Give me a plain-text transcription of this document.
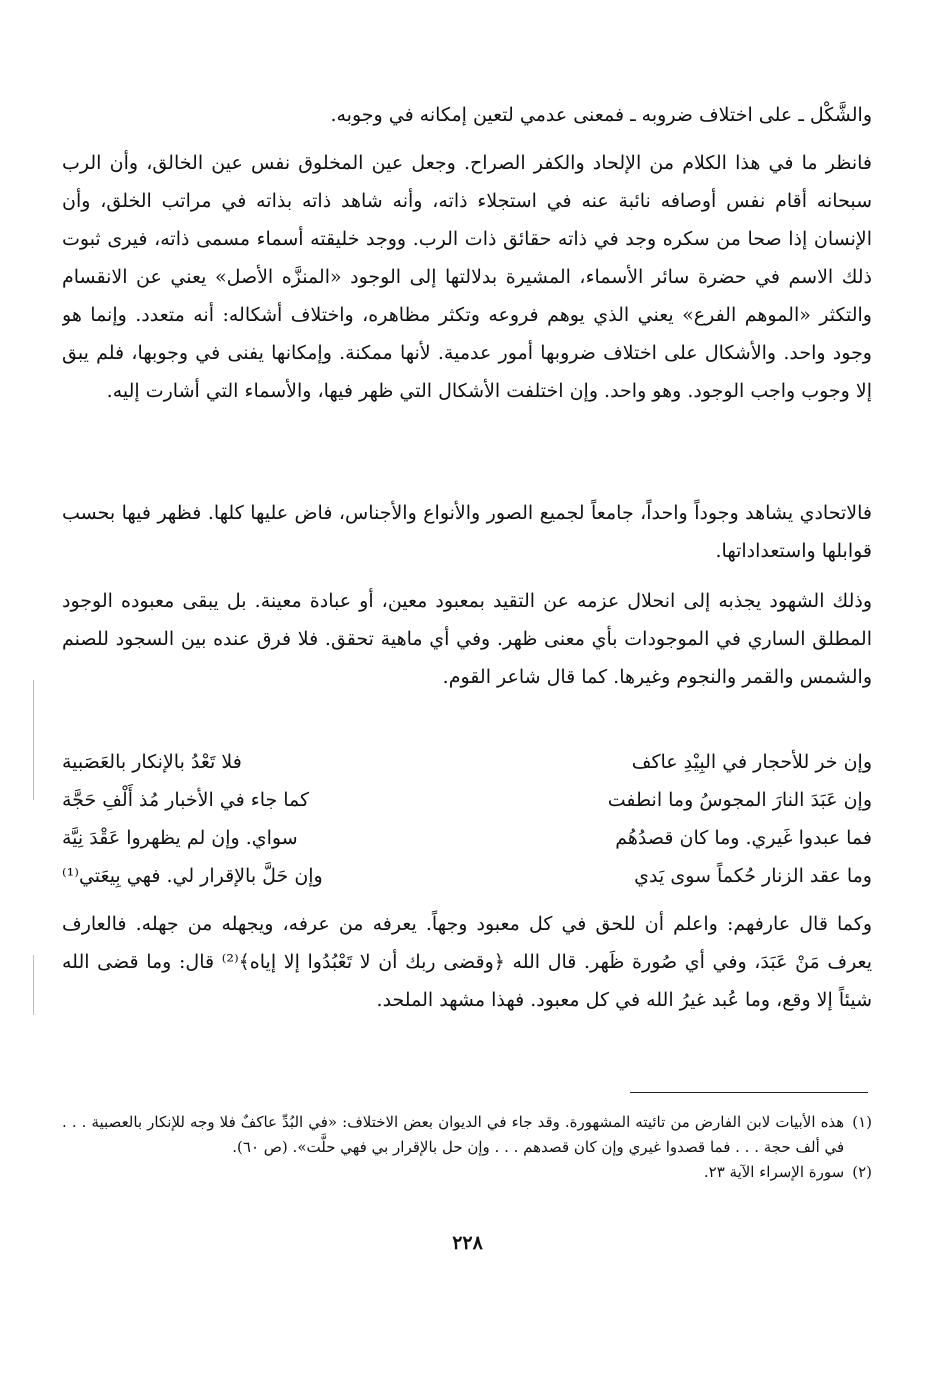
والشَّكْل ـ على اختلاف ضروبه ـ فمعنى عدمي لتعين إمكانه في وجوبه.
فانظر ما في هذا الكلام من الإلحاد والكفر الصراح. وجعل عين المخلوق نفس عين الخالق، وأن الرب سبحانه أقام نفس أوصافه نائبة عنه في استجلاء ذاته، وأنه شاهد ذاته بذاته في مراتب الخلق، وأن الإنسان إذا صحا من سكره وجد في ذاته حقائق ذات الرب. ووجد خليقته أسماء مسمى ذاته، فيرى ثبوت ذلك الاسم في حضرة سائر الأسماء، المشيرة بدلالتها إلى الوجود «المنزَّه الأصل» يعني عن الانقسام والتكثر «الموهم الفرع» يعني الذي يوهم فروعه وتكثر مظاهره، واختلاف أشكاله: أنه متعدد. وإنما هو وجود واحد. والأشكال على اختلاف ضروبها أمور عدمية. لأنها ممكنة. وإمكانها يفنى في وجوبها، فلم يبق إلا وجوب واجب الوجود. وهو واحد. وإن اختلفت الأشكال التي ظهر فيها، والأسماء التي أشارت إليه.
فالاتحادي يشاهد وجوداً واحداً، جامعاً لجميع الصور والأنواع والأجناس، فاض عليها كلها. فظهر فيها بحسب قوابلها واستعداداتها.
وذلك الشهود يجذبه إلى انحلال عزمه عن التقيد بمعبود معين، أو عبادة معينة. بل يبقى معبوده الوجود المطلق الساري في الموجودات بأي معنى ظهر. وفي أي ماهية تحقق. فلا فرق عنده بين السجود للصنم والشمس والقمر والنجوم وغيرها. كما قال شاعر القوم.
وإن خر للأحجار في البِيْدِ عاكف
فلا تَعْدُ بالإنكار بالعَصَبية
وإن عَبَدَ النارَ المجوسُ وما انطفت
كما جاء في الأخبار مُذ أَلْفِ حَجَّة
فما عبدوا غَيري. وما كان قصدُهُم
سواي. وإن لم يظهروا عَقْدَ نِيَّة
وما عقد الزنار حُكماً سوى يَدي
وإن حَلَّ بالإقرار لي. فهي بِيعَتي⁽¹⁾
وكما قال عارفهم: واعلم أن للحق في كل معبود وجهاً. يعرفه من عرفه، ويجهله من جهله. فالعارف يعرف مَنْ عَبَدَ، وفي أي صُورة ظَهر. قال الله ﴿وقضى ربك أن لا تَعْبُدُوا إلا إياه﴾⁽²⁾ قال: وما قضى الله شيئاً إلا وقع، وما عُبد غيرُ الله في كل معبود. فهذا مشهد الملحد.
(١)
هذه الأبيات لابن الفارض من تائيته المشهورة. وقد جاء في الديوان بعض الاختلاف: «في البُدِّ عاكفٌ فلا وجه للإنكار بالعصبية . . . في ألف حجة . . . فما قصدوا غيري وإن كان قصدهم . . . وإن حل بالإقرار بي فهي حلَّت». (ص ٦٠).
(٢)
سورة الإسراء الآية ٢٣.
٢٢٨
